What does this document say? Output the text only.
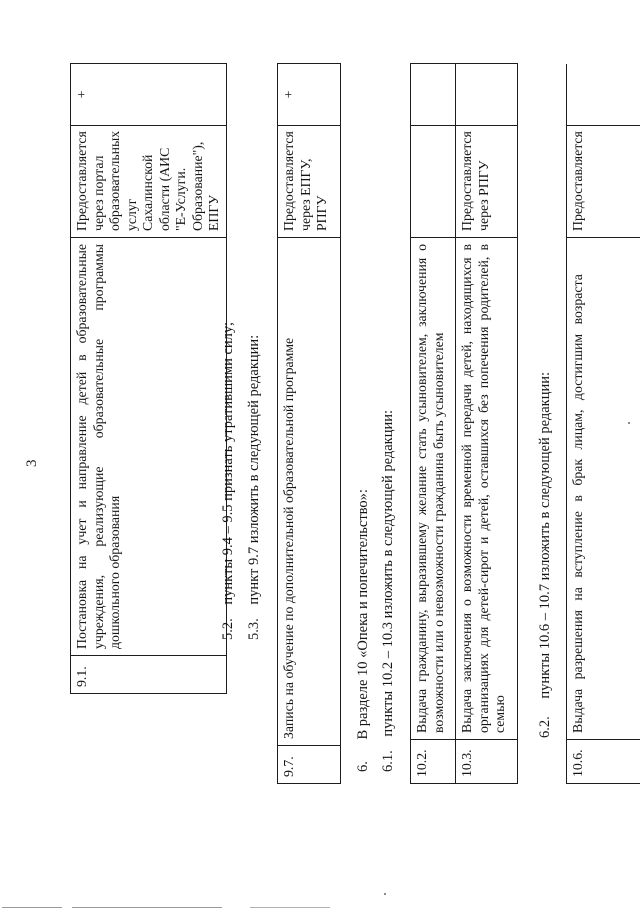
3
9.1.	Постановка на учет и направление детей в образовательные учреждения, реализующие образовательные программы дошкольного образования	Предоставляется через портал образовательных услуг Сахалинской области (АИС "Е-Услуги. Образование"), ЕПГУ	+
5.2. пункты 9.4 – 9.5 признать утратившими силу;
5.3. пункт 9.7 изложить в следующей редакции:
9.7.	Запись на обучение по дополнительной образовательной программе	Предоставляется через ЕПГУ, РПГУ	+
6. В разделе 10 «Опека и попечительство»:
6.1. пункты 10.2 – 10.3 изложить в следующей редакции:
10.2.	Выдача гражданину, выразившему желание стать усыновителем, заключения о возможности или о невозможности гражданина быть усыновителем		
10.3.	Выдача заключения о возможности временной передачи детей, находящихся в организациях для детей-сирот и детей, оставшихся без попечения родителей, в семью	Предоставляется через РПГУ	
6.2. пункты 10.6 – 10.7 изложить в следующей редакции:
10.6.	Выдача разрешения на вступление в брак лицам, достигшим возраста	Предоставляется	
